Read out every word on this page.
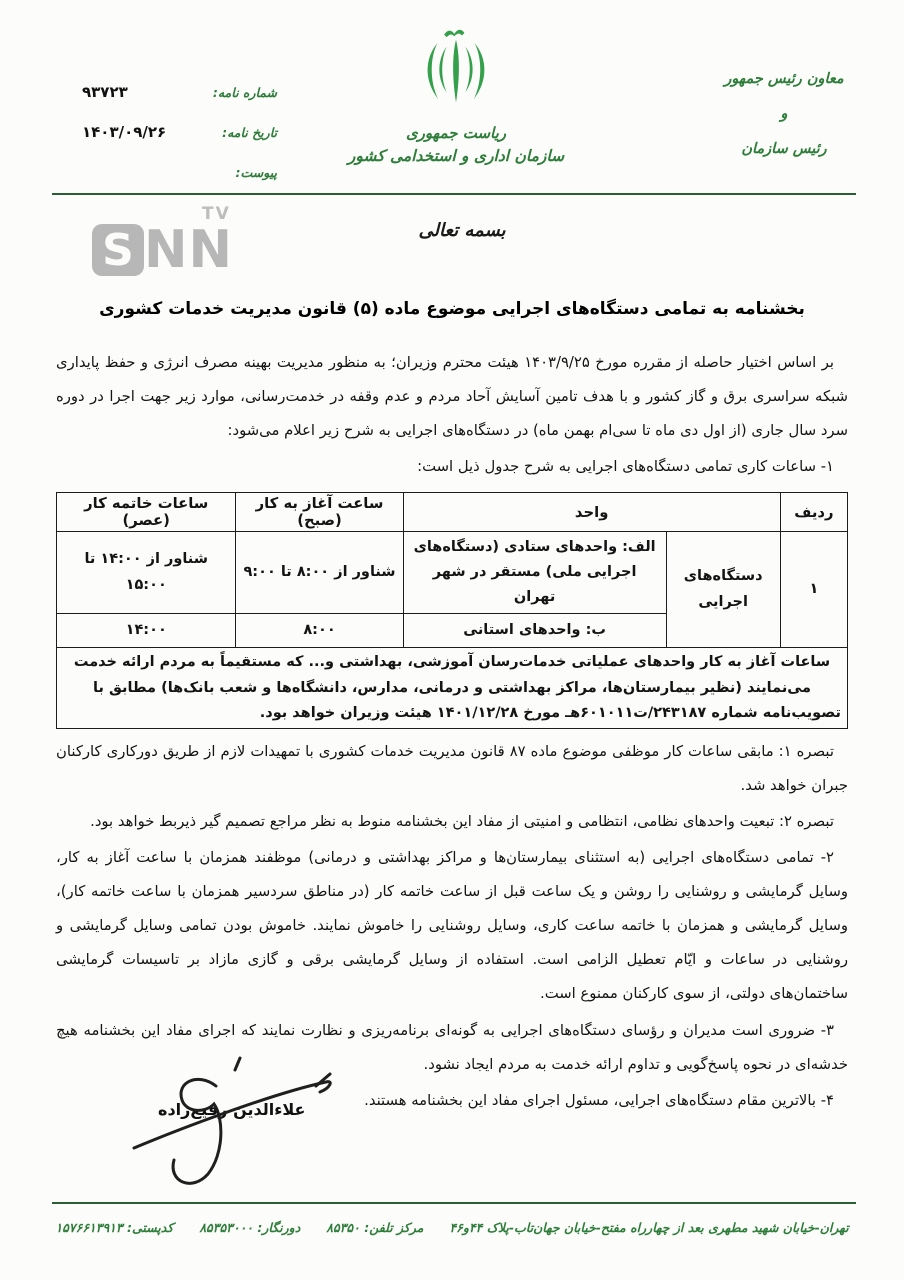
شماره نامه:
۹۳۷۲۳
تاریخ نامه:
۱۴۰۳/۰۹/۲۶
پیوست:
ریاست جمهوری
سازمان اداری و استخدامی کشور
معاون رئیس جمهور
و
رئیس سازمان
TV
S NN	بسمه تعالی
بخشنامه به تمامی دستگاه‌های اجرایی موضوع ماده (۵) قانون مدیریت خدمات کشوری

بر اساس اختیار حاصله از مقرره مورخ ۱۴۰۳/۹/۲۵ هیئت محترم وزیران؛ به منظور مدیریت بهینه مصرف انرژی و حفظ پایداری شبکه سراسری برق و گاز کشور و با هدف تامین آسایش آحاد مردم و عدم وقفه در خدمت‌رسانی، موارد زیر جهت اجرا در دوره سرد سال جاری (از اول دی ماه تا سی‌ام بهمن ماه) در دستگاه‌های اجرایی به شرح زیر اعلام می‌شود:

۱- ساعات کاری تمامی دستگاه‌های اجرایی به شرح جدول ذیل است:

ردیف	واحد		ساعت آغاز به کار (صبح)	ساعات خاتمه کار (عصر)
۱	دستگاه‌های اجرایی	الف: واحدهای ستادی (دستگاه‌های اجرایی ملی) مستقر در شهر تهران	شناور از ۸:۰۰ تا ۹:۰۰	شناور از ۱۴:۰۰ تا ۱۵:۰۰
		ب: واحدهای استانی	۸:۰۰	۱۴:۰۰
ساعات آغاز به کار واحدهای عملیاتی خدمات‌رسان آموزشی، بهداشتی و... که مستقیماً به مردم ارائه خدمت می‌نمایند (نظیر بیمارستان‌ها، مراکز بهداشتی و درمانی، مدارس، دانشگاه‌ها و شعب بانک‌ها) مطابق با تصویب‌نامه شماره ۲۴۳۱۸۷/ت۶۰۱۰۱۱هـ مورخ ۱۴۰۱/۱۲/۲۸ هیئت وزیران خواهد بود.				

تبصره ۱: مابقی ساعات کار موظفی موضوع ماده ۸۷ قانون مدیریت خدمات کشوری با تمهیدات لازم از طریق دورکاری کارکنان جبران خواهد شد.

تبصره ۲: تبعیت واحدهای نظامی، انتظامی و امنیتی از مفاد این بخشنامه منوط به نظر مراجع تصمیم گیر ذیربط خواهد بود.

۲- تمامی دستگاه‌های اجرایی (به استثنای بیمارستان‌ها و مراکز بهداشتی و درمانی) موظفند همزمان با ساعت آغاز به کار، وسایل گرمایشی و روشنایی را روشن و یک ساعت قبل از ساعت خاتمه کار (در مناطق سردسیر همزمان با ساعت خاتمه کار)، وسایل گرمایشی و همزمان با خاتمه ساعت کاری، وسایل روشنایی را خاموش نمایند. خاموش بودن تمامی وسایل گرمایشی و روشنایی در ساعات و ایّام تعطیل الزامی است. استفاده از وسایل گرمایشی برقی و گازی مازاد بر تاسیسات گرمایشی ساختمان‌های دولتی، از سوی کارکنان ممنوع است.

۳- ضروری است مدیران و رؤسای دستگاه‌های اجرایی به گونه‌ای برنامه‌ریزی و نظارت نمایند که اجرای مفاد این بخشنامه هیچ خدشه‌ای در نحوه پاسخ‌گویی و تداوم ارائه خدمت به مردم ایجاد نشود.

۴- بالاترین مقام دستگاه‌های اجرایی، مسئول اجرای مفاد این بخشنامه هستند.

علاءالدین رفیع‌زاده
تهران-خیابان شهید مطهری بعد از چهارراه مفتح-خیابان جهان‌تاب-پلاک ۴۴و۴۶
مرکز تلفن: ۸۵۳۵۰
دورنگار: ۸۵۳۵۳۰۰۰
کدپستی: ۱۵۷۶۶۱۳۹۱۳
